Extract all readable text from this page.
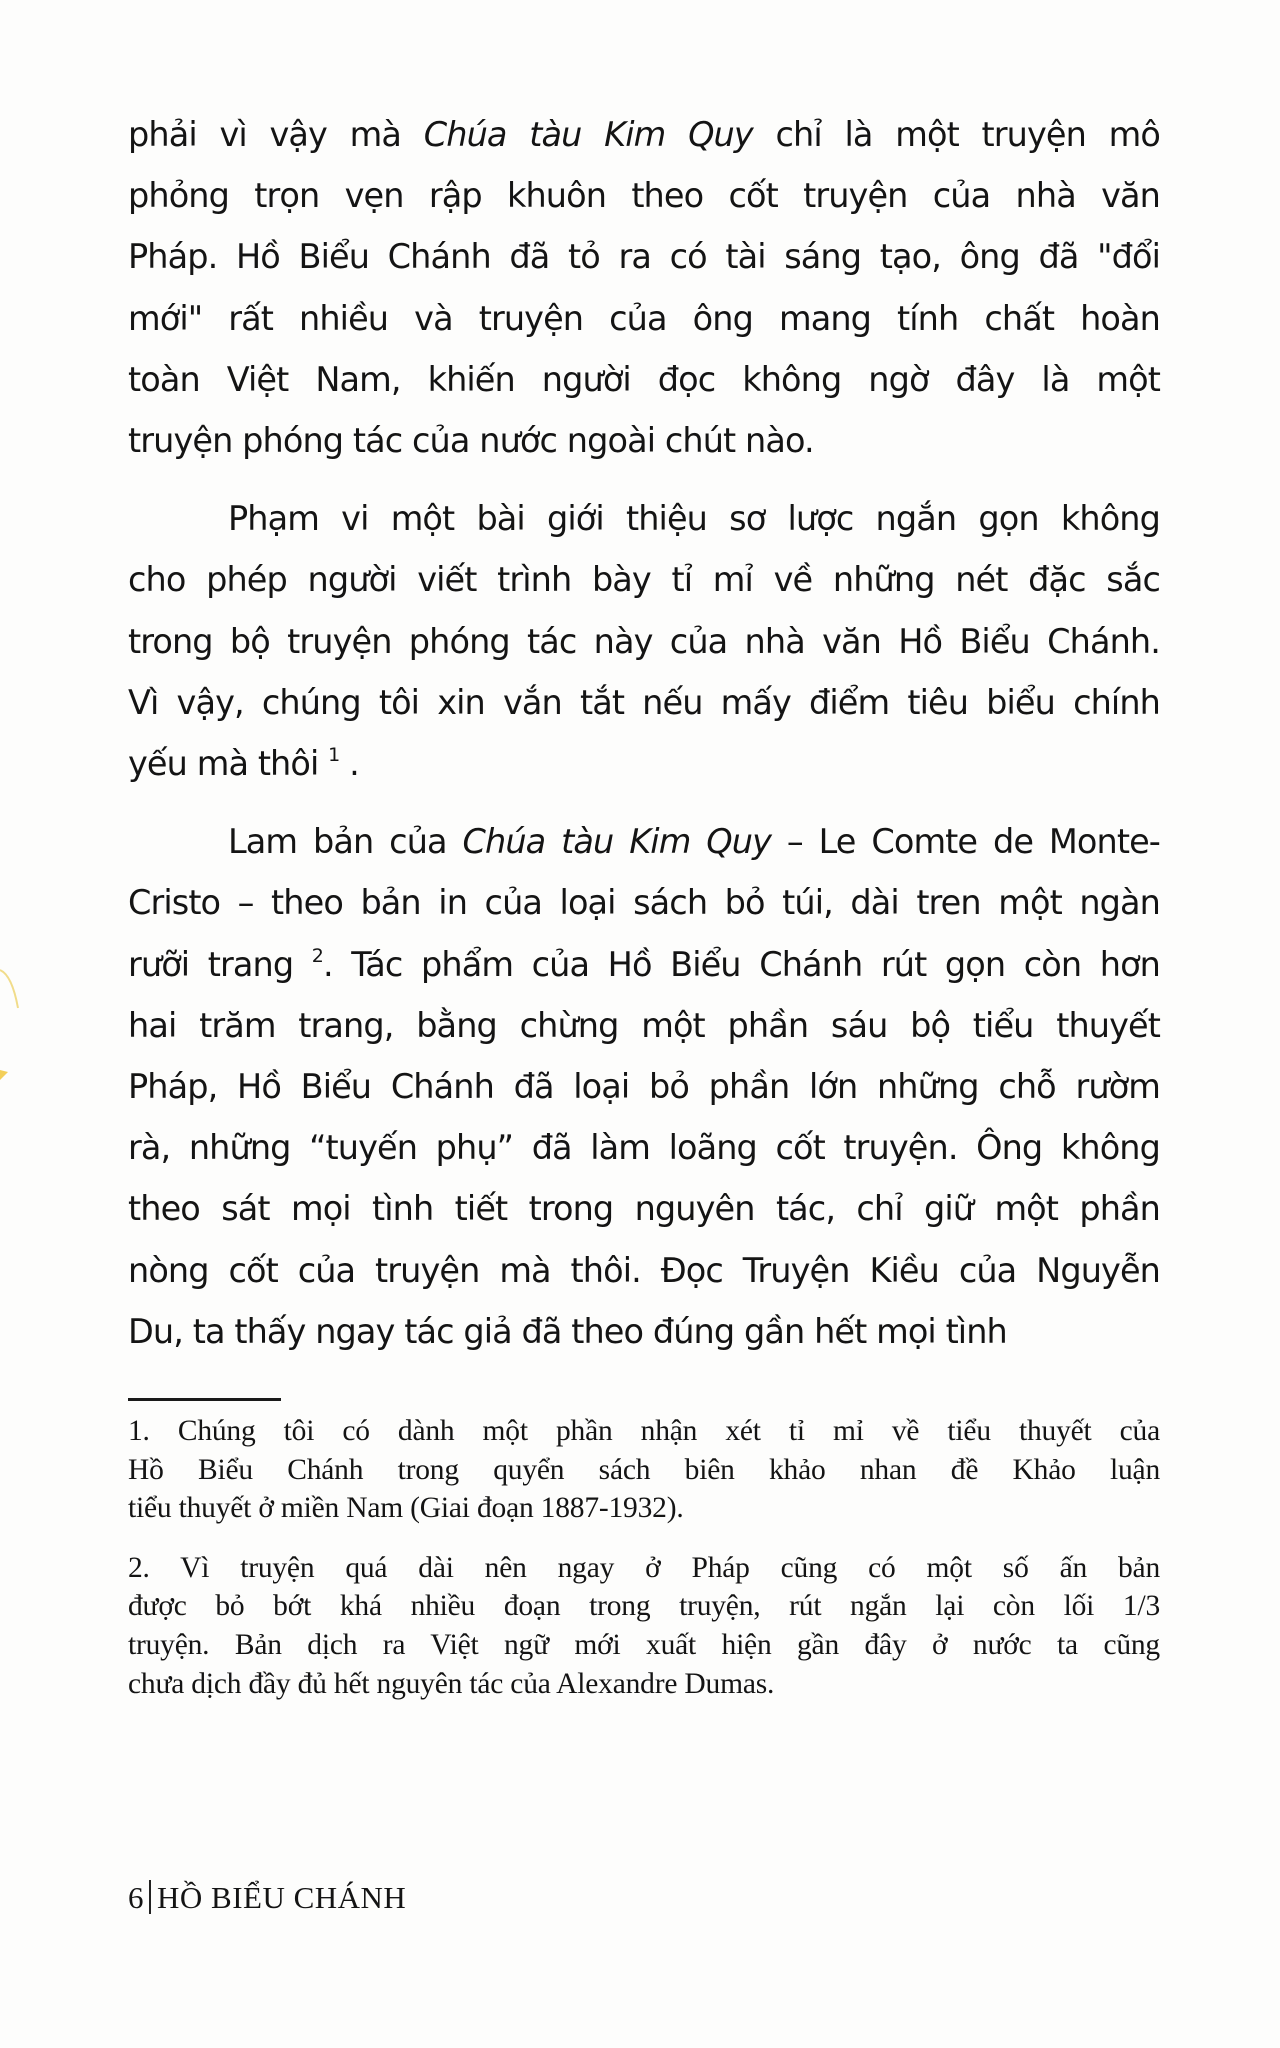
phải vì vậy mà Chúa tàu Kim Quy chỉ là một truyện mô
phỏng trọn vẹn rập khuôn theo cốt truyện của nhà văn
Pháp. Hồ Biểu Chánh đã tỏ ra có tài sáng tạo, ông đã "đổi
mới" rất nhiều và truyện của ông mang tính chất hoàn
toàn Việt Nam, khiến người đọc không ngờ đây là một
truyện phóng tác của nước ngoài chút nào.
Phạm vi một bài giới thiệu sơ lược ngắn gọn không
cho phép người viết trình bày tỉ mỉ về những nét đặc sắc
trong bộ truyện phóng tác này của nhà văn Hồ Biểu Chánh.
Vì vậy, chúng tôi xin vắn tắt nếu mấy điểm tiêu biểu chính
yếu mà thôi $^1$ .
Lam bản của Chúa tàu Kim Quy – Le Comte de Monte-
Cristo – theo bản in của loại sách bỏ túi, dài tren một ngàn
rưỡi trang $^2$. Tác phẩm của Hồ Biểu Chánh rút gọn còn hơn
hai trăm trang, bằng chừng một phần sáu bộ tiểu thuyết
Pháp, Hồ Biểu Chánh đã loại bỏ phần lớn những chỗ rườm
rà, những “tuyến phụ” đã làm loãng cốt truyện. Ông không
theo sát mọi tình tiết trong nguyên tác, chỉ giữ một phần
nòng cốt của truyện mà thôi. Đọc Truyện Kiều của Nguyễn
Du, ta thấy ngay tác giả đã theo đúng gần hết mọi tình
1. Chúng tôi có dành một phần nhận xét tỉ mỉ về tiểu thuyết của
Hồ Biểu Chánh trong quyển sách biên khảo nhan đề Khảo luận
tiểu thuyết ở miền Nam (Giai đoạn 1887-1932).
2. Vì truyện quá dài nên ngay ở Pháp cũng có một số ấn bản
được bỏ bớt khá nhiều đoạn trong truyện, rút ngắn lại còn lối 1/3
truyện. Bản dịch ra Việt ngữ mới xuất hiện gần đây ở nước ta cũng
chưa dịch đầy đủ hết nguyên tác của Alexandre Dumas.
6 HỒ BIỂU CHÁNH
